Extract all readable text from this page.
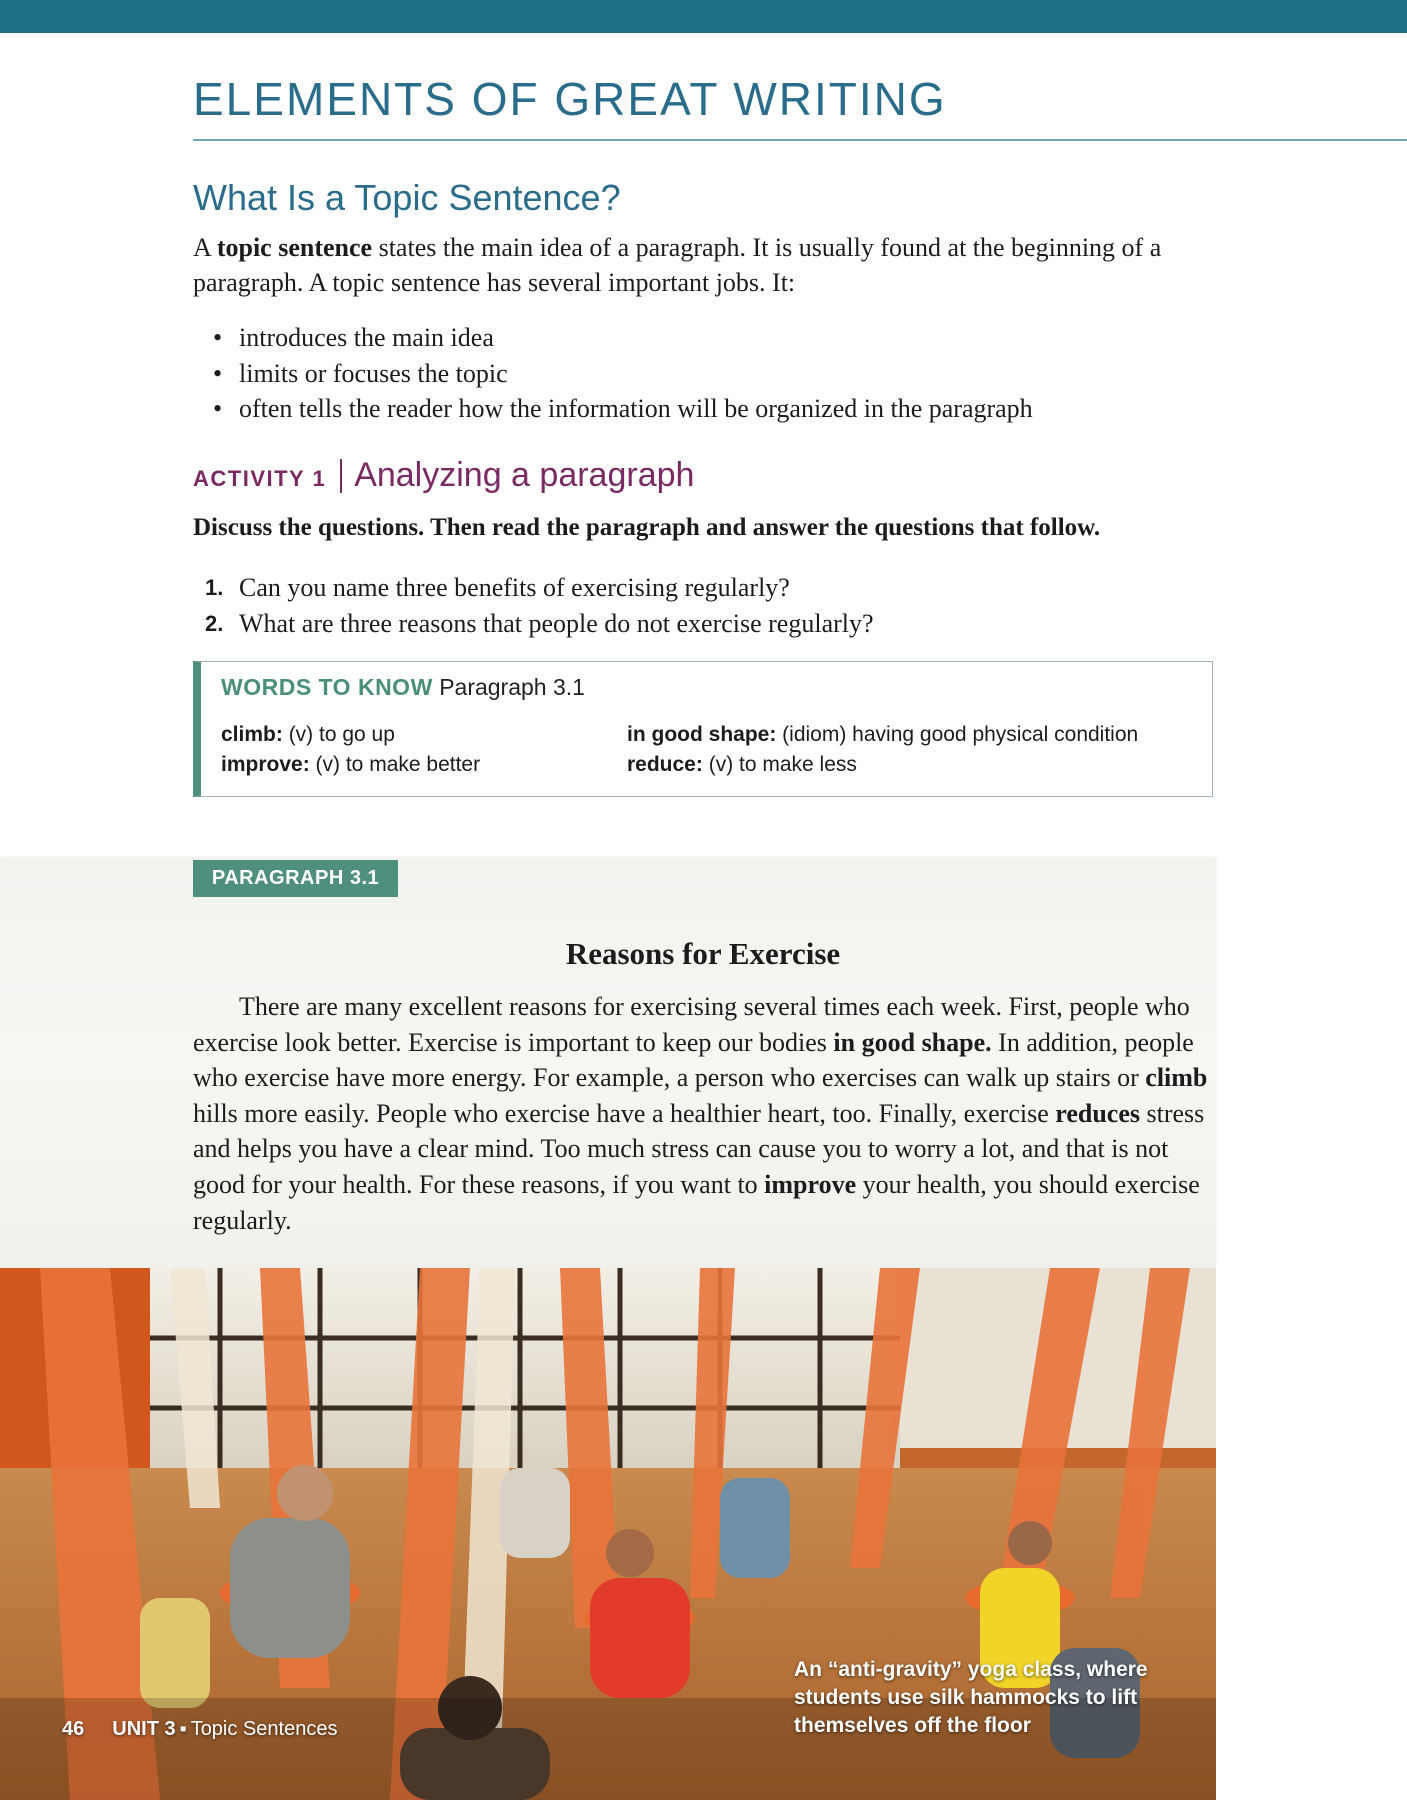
ELEMENTS OF GREAT WRITING
What Is a Topic Sentence?

A topic sentence states the main idea of a paragraph. It is usually found at the beginning of a paragraph. A topic sentence has several important jobs. It:

• introduces the main idea
• limits or focuses the topic
• often tells the reader how the information will be organized in the paragraph
ACTIVITY 1 Analyzing a paragraph

Discuss the questions. Then read the paragraph and answer the questions that follow.

1. Can you name three benefits of exercising regularly?
2. What are three reasons that people do not exercise regularly?
WORDS TO KNOW Paragraph 3.1
climb: (v) to go up
improve: (v) to make better
in good shape: (idiom) having good physical condition
reduce: (v) to make less
PARAGRAPH 3.1
Reasons for Exercise

There are many excellent reasons for exercising several times each week. First, people who exercise look better. Exercise is important to keep our bodies in good shape. In addition, people who exercise have more energy. For example, a person who exercises can walk up stairs or climb hills more easily. People who exercise have a healthier heart, too. Finally, exercise reduces stress and helps you have a clear mind. Too much stress can cause you to worry a lot, and that is not good for your health. For these reasons, if you want to improve your health, you should exercise regularly.

An “anti-gravity” yoga class, where students use silk hammocks to lift themselves off the floor

46 UNIT 3 ▪ Topic Sentences
